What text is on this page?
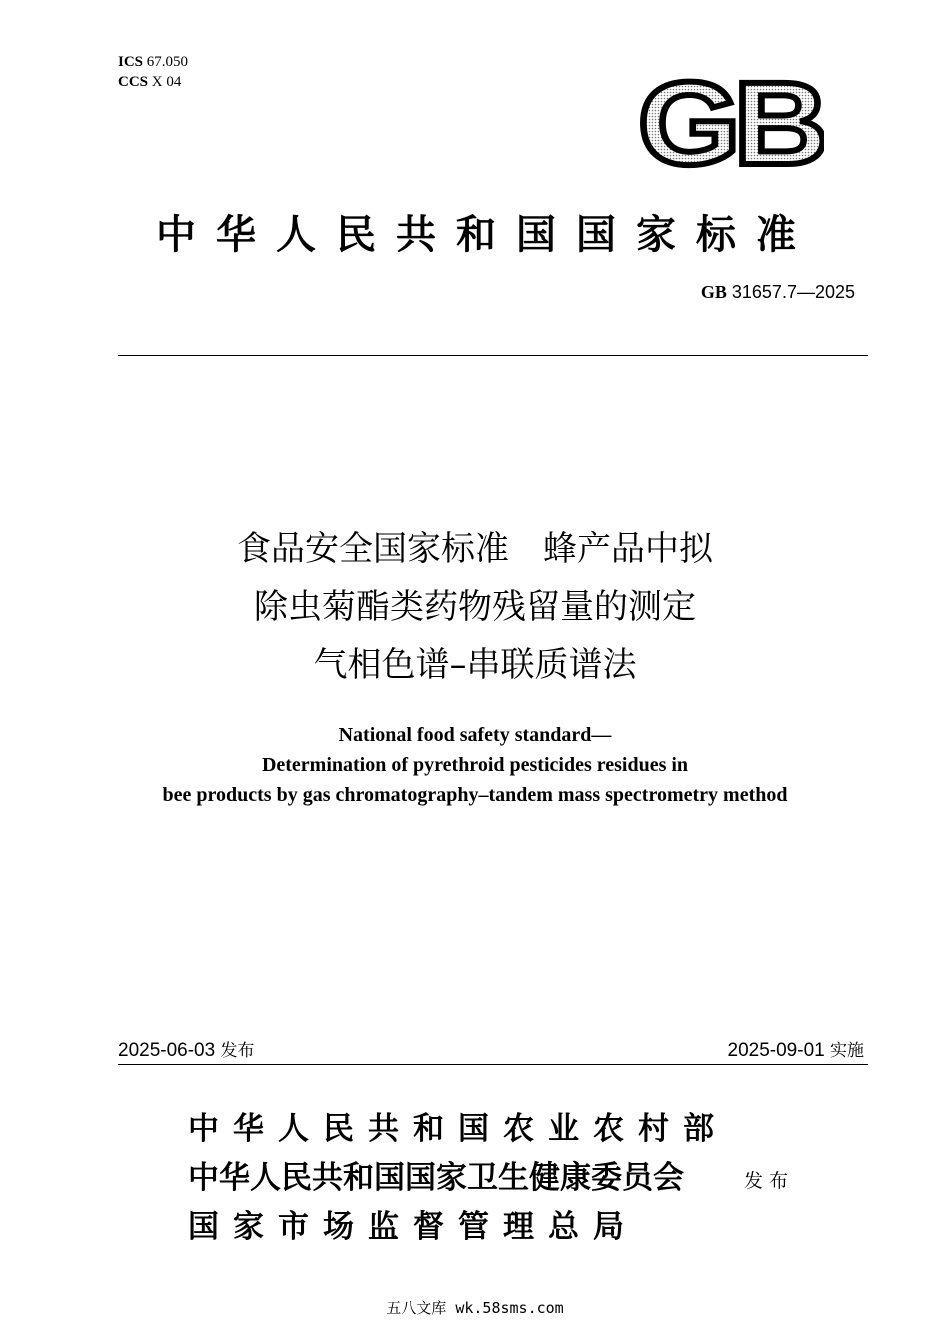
ICS 67.050
CCS X 04	GB
中华人民共和国国家标准
GB 31657.7—2025
食品安全国家标准　蜂产品中拟
除虫菊酯类药物残留量的测定
气相色谱–串联质谱法
National food safety standard—
Determination of pyrethroid pesticides residues in
bee products by gas chromatography–tandem mass spectrometry method
2025-06-03 发布	2025-09-01 实施
中华人民共和国农业农村部
中华人民共和国国家卫生健康委员会
国家市场监督管理总局
发布
五八文库 wk.58sms.com
